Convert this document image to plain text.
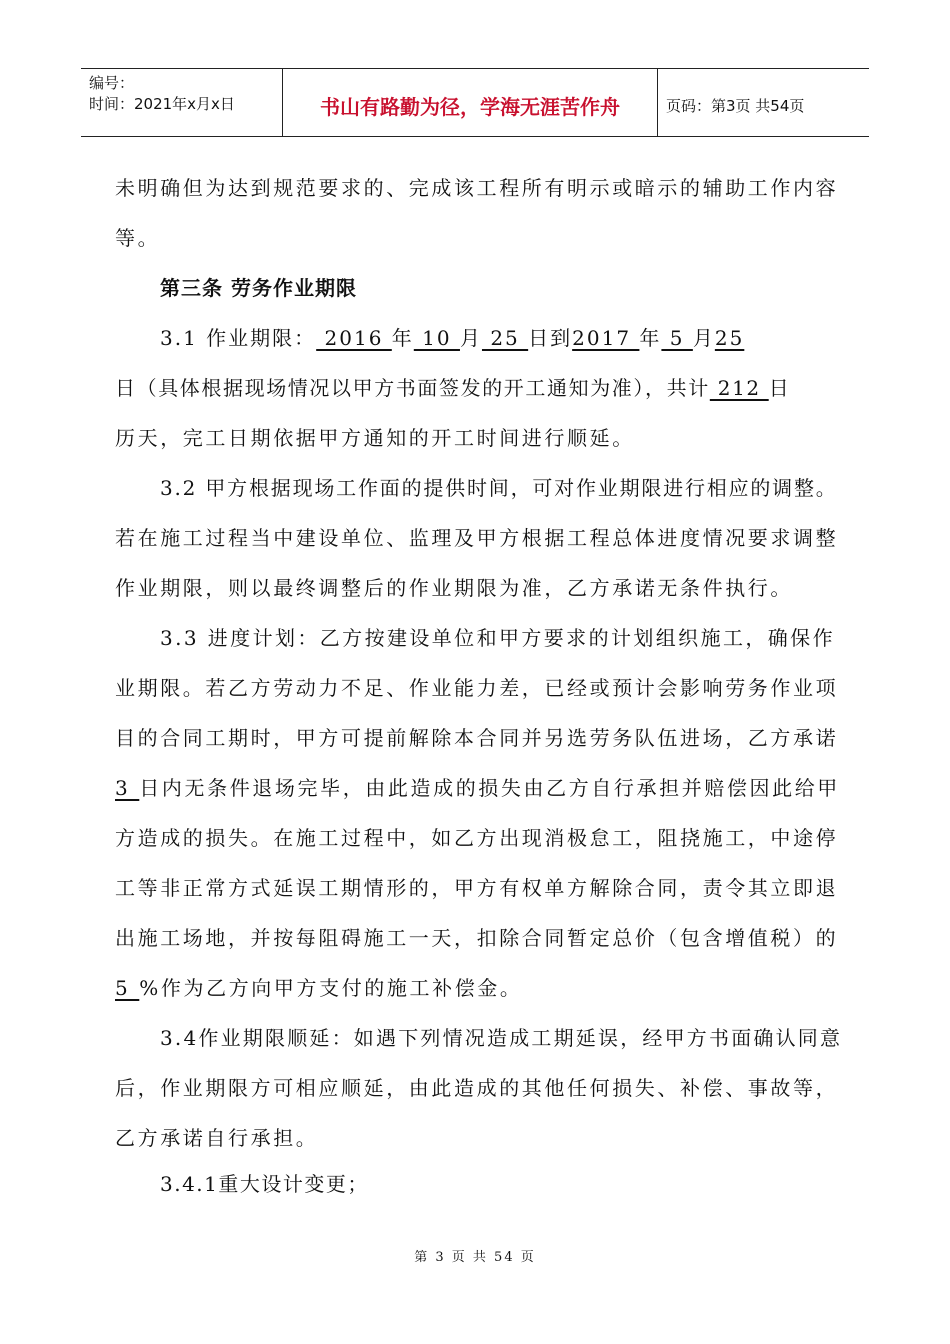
编号：
时间：2021年x月x日	书山有路勤为径，学海无涯苦作舟	页码：第3页 共54页
未明确但为达到规范要求的、完成该工程所有明示或暗示的辅助工作内容
等。
第三条 劳务作业期限
3.1 作业期限： 2016 年 10 月 25 日到2017 年 5 月25
日（具体根据现场情况以甲方书面签发的开工通知为准），共计 212 日
历天，完工日期依据甲方通知的开工时间进行顺延。
3.2 甲方根据现场工作面的提供时间，可对作业期限进行相应的调整。
若在施工过程当中建设单位、监理及甲方根据工程总体进度情况要求调整
作业期限，则以最终调整后的作业期限为准，乙方承诺无条件执行。
3.3 进度计划：乙方按建设单位和甲方要求的计划组织施工，确保作
业期限。若乙方劳动力不足、作业能力差，已经或预计会影响劳务作业项
目的合同工期时，甲方可提前解除本合同并另选劳务队伍进场，乙方承诺
3 日内无条件退场完毕，由此造成的损失由乙方自行承担并赔偿因此给甲
方造成的损失。在施工过程中，如乙方出现消极怠工，阻挠施工，中途停
工等非正常方式延误工期情形的，甲方有权单方解除合同，责令其立即退
出施工场地，并按每阻碍施工一天，扣除合同暂定总价（包含增值税）的
5 %作为乙方向甲方支付的施工补偿金。
3.4作业期限顺延：如遇下列情况造成工期延误，经甲方书面确认同意
后，作业期限方可相应顺延，由此造成的其他任何损失、补偿、事故等，
乙方承诺自行承担。
3.4.1重大设计变更；
第 3 页 共 54 页
